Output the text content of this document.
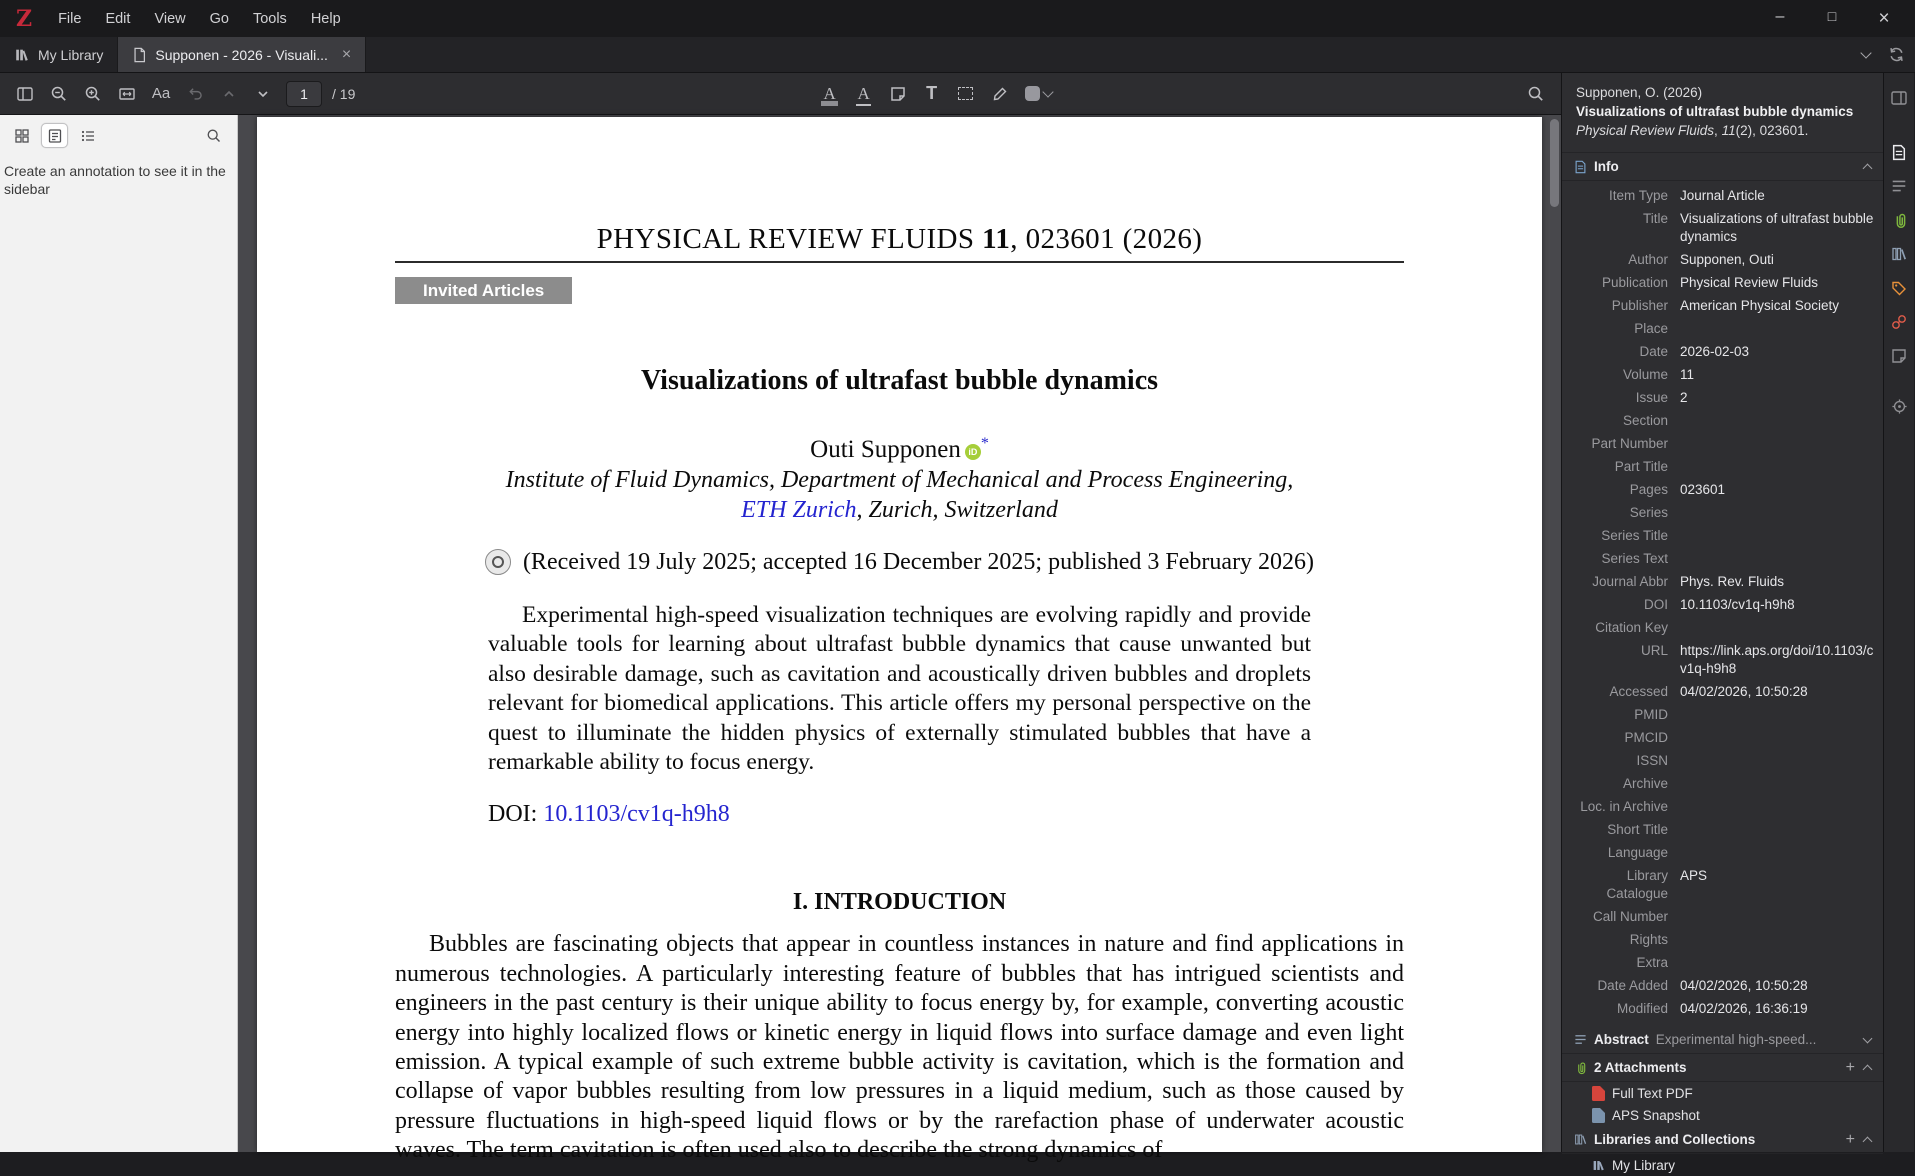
Z	File	Edit	View	Go	Tools	Help
–
□
×
My Library	Supponen - 2026 - Visuali... ×
Aa
1	/ 19
A
A
T
Create an annotation to see it in the sidebar
PHYSICAL REVIEW FLUIDS 11, 023601 (2026)
Invited Articles
Visualizations of ultrafast bubble dynamics
Outi Supponen iD *
Institute of Fluid Dynamics, Department of Mechanical and Process Engineering,
ETH Zurich, Zurich, Switzerland
(Received 19 July 2025; accepted 16 December 2025; published 3 February 2026)
Experimental high-speed visualization techniques are evolving rapidly and provide valuable tools for learning about ultrafast bubble dynamics that cause unwanted but also desirable damage, such as cavitation and acoustically driven bubbles and droplets relevant for biomedical applications. This article offers my personal perspective on the quest to illuminate the hidden physics of externally stimulated bubbles that have a remarkable ability to focus energy.
DOI: 10.1103/cv1q-h9h8
I. INTRODUCTION
Bubbles are fascinating objects that appear in countless instances in nature and find applications in numerous technologies. A particularly interesting feature of bubbles that has intrigued scientists and engineers in the past century is their unique ability to focus energy by, for example, converting acoustic energy into highly localized flows or kinetic energy in liquid flows into surface damage and even light emission. A typical example of such extreme bubble activity is cavitation, which is the formation and collapse of vapor bubbles resulting from low pressures in a liquid medium, such as those caused by pressure fluctuations in high-speed liquid flows or by the rarefaction phase of underwater acoustic waves. The term cavitation is often used also to describe the strong dynamics of
Supponen, O. (2026)
Visualizations of ultrafast bubble dynamics
Physical Review Fluids, 11(2), 023601.
Info
Item Type Journal Article
Title Visualizations of ultrafast bubble dynamics
Author Supponen, Outi
Publication Physical Review Fluids
Publisher American Physical Society
Place
Date 2026-02-03
Volume 11
Issue 2
Section
Part Number
Part Title
Pages 023601
Series
Series Title
Series Text
Journal Abbr Phys. Rev. Fluids
DOI 10.1103/cv1q-h9h8
Citation Key
URL https://link.aps.org/doi/10.1103/cv1q-h9h8
Accessed 04/02/2026, 10:50:28
PMID
PMCID
ISSN
Archive
Loc. in Archive
Short Title
Language
Library Catalogue
APS
Call Number
Rights
Extra
Date Added 04/02/2026, 10:50:28
Modified 04/02/2026, 16:36:19
Abstract Experimental high-speed...
2 Attachments
+
Full Text PDF
APS Snapshot
Libraries and Collections
+
My Library
